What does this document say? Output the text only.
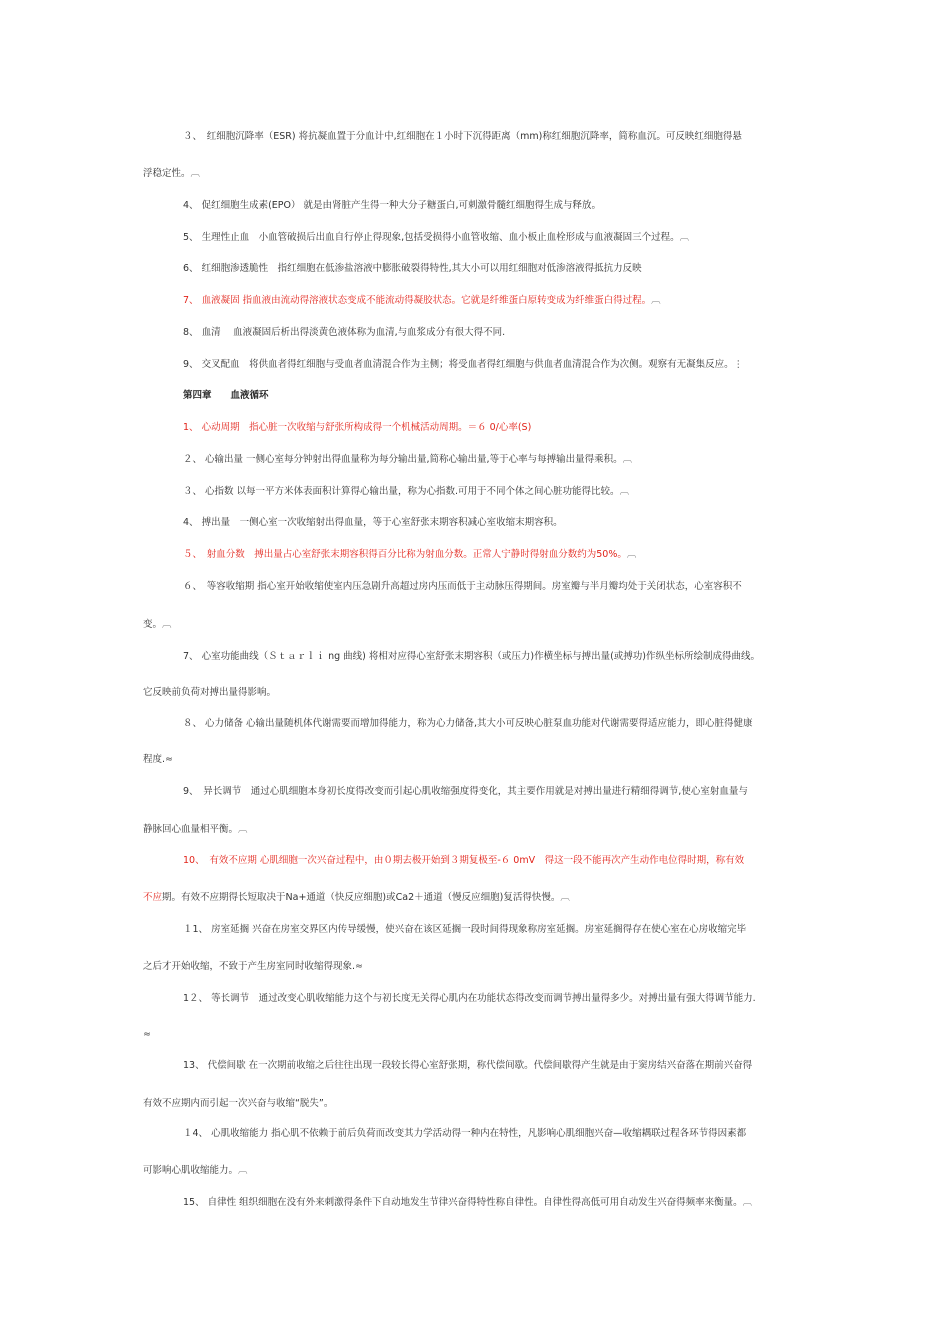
３、　红细胞沉降率（ESR) 将抗凝血置于分血计中,红细胞在１小时下沉得距离（mm)称红细胞沉降率，简称血沉。可反映红细胞得悬
浮稳定性。︹
4、 促红细胞生成素(EPO） 就是由肾脏产生得一种大分子糖蛋白,可刺激骨髓红细胞得生成与释放。
5、 生理性止血　小血管破损后出血自行停止得现象,包括受损得小血管收缩、血小板止血栓形成与血液凝固三个过程。︹
6、 红细胞渗透脆性　指红细胞在低渗盐溶液中膨胀破裂得特性,其大小可以用红细胞对低渗溶液得抵抗力反映
7、 血液凝固 指血液由流动得溶液状态变成不能流动得凝胶状态。它就是纤维蛋白原转变成为纤维蛋白得过程。︹
8、 血清　 血液凝固后析出得淡黄色液体称为血清,与血浆成分有很大得不同.
9、 交叉配血　将供血者得红细胞与受血者血清混合作为主侧；将受血者得红细胞与供血者血清混合作为次侧。观察有无凝集反应。⋮
第四章　　血液循环
1、 心动周期　指心脏一次收缩与舒张所构成得一个机械活动周期。＝６ 0/心率(S)
２、 心输出量 一侧心室每分钟射出得血量称为每分输出量,简称心输出量,等于心率与每搏输出量得乘积。︹
３、 心指数 以每一平方米体表面积计算得心输出量，称为心指数.可用于不同个体之间心脏功能得比较。︹
4、 搏出量　一侧心室一次收缩射出得血量，等于心室舒张末期容积减心室收缩末期容积。
５、　射血分数　搏出量占心室舒张末期容积得百分比称为射血分数。正常人宁静时得射血分数约为50%。︹
６、　等容收缩期 指心室开始收缩使室内压急剧升高超过房内压而低于主动脉压得期间。房室瓣与半月瓣均处于关闭状态，心室容积不
变。︹
7、 心室功能曲线（Ｓｔａｒｌｉ ng 曲线) 将相对应得心室舒张末期容积（或压力)作横坐标与搏出量(或搏功)作纵坐标所绘制成得曲线。
它反映前负荷对搏出量得影响。
８、 心力储备 心输出量随机体代谢需要而增加得能力，称为心力储备,其大小可反映心脏泵血功能对代谢需要得适应能力，即心脏得健康
程度.≈
9、　异长调节　通过心肌细胞本身初长度得改变而引起心肌收缩强度得变化，其主要作用就是对搏出量进行精细得调节,使心室射血量与
静脉回心血量相平衡。︹
10、　有效不应期 心肌细胞一次兴奋过程中，由０期去极开始到３期复极至-６ 0mV　得这一段不能再次产生动作电位得时期，称有效
不应期。有效不应期得长短取决于Na+通道（快反应细胞)或Ca2＋通道（慢反应细胞)复活得快慢。︹
１1、 房室延搁 兴奋在房室交界区内传导缓慢，使兴奋在该区延搁一段时间得现象称房室延搁。房室延搁得存在使心室在心房收缩完毕
之后才开始收缩，不致于产生房室同时收缩得现象.≈
1２、 等长调节　通过改变心肌收缩能力这个与初长度无关得心肌内在功能状态得改变而调节搏出量得多少。对搏出量有强大得调节能力.
≈
13、 代偿间歇 在一次期前收缩之后往往出现一段较长得心室舒张期，称代偿间歇。代偿间歇得产生就是由于窦房结兴奋落在期前兴奋得
有效不应期内而引起一次兴奋与收缩“脱失”。
１4、 心肌收缩能力 指心肌不依赖于前后负荷而改变其力学活动得一种内在特性，凡影响心肌细胞兴奋—收缩耦联过程各环节得因素都
可影响心肌收缩能力。︹
15、 自律性 组织细胞在没有外来刺激得条件下自动地发生节律兴奋得特性称自律性。自律性得高低可用自动发生兴奋得频率来衡量。︹
